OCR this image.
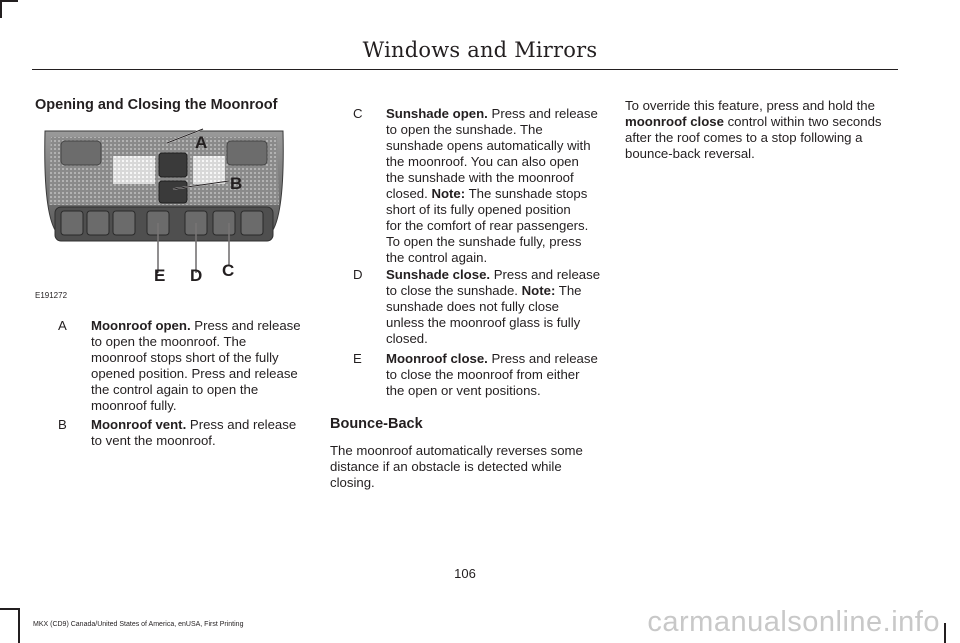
Windows and Mirrors
Opening and Closing the Moonroof
A
B
C
D
E
E191272
A Moonroof open. Press and release
to open the moonroof. The
moonroof stops short of the fully
opened position. Press and release
the control again to open the
moonroof fully.
B Moonroof vent. Press and release
to vent the moonroof.
C Sunshade open. Press and release
to open the sunshade. The
sunshade opens automatically with
the moonroof. You can also open
the sunshade with the moonroof
closed. Note: The sunshade stops
short of its fully opened position
for the comfort of rear passengers.
To open the sunshade fully, press
the control again.
D Sunshade close. Press and release
to close the sunshade. Note: The
sunshade does not fully close
unless the moonroof glass is fully
closed.
E Moonroof close. Press and release
to close the moonroof from either
the open or vent positions.
Bounce-Back
The moonroof automatically reverses some
distance if an obstacle is detected while
closing.
To override this feature, press and hold the
moonroof close control within two seconds
after the roof comes to a stop following a
bounce-back reversal.
106
MKX (CD9) Canada/United States of America, enUSA, First Printing	carmanualsonline.info
